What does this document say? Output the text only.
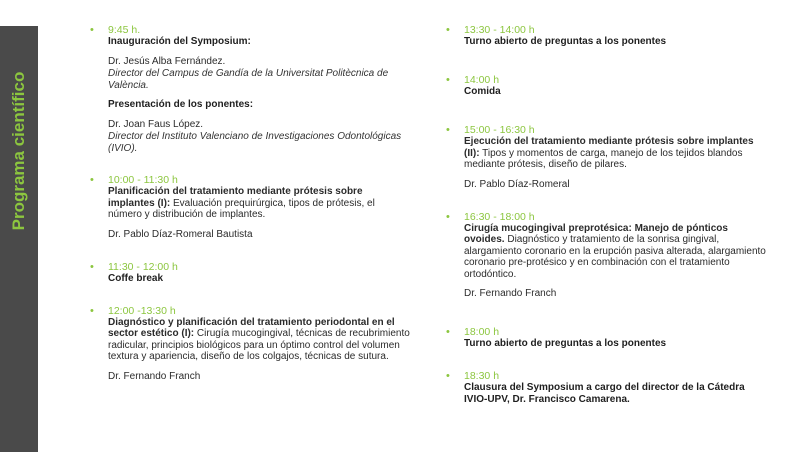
Programa científico
• 9:45 h.
Inauguración del Symposium:
Dr. Jesús Alba Fernández.
Director del Campus de Gandía de la Universitat Politècnica de València.
Presentación de los ponentes:
Dr. Joan Faus López.
Director del Instituto Valenciano de Investigaciones Odontológicas (IVIO).
• 10:00 - 11:30 h
Planificación del tratamiento mediante prótesis sobre implantes (I): Evaluación prequirúrgica, tipos de prótesis, el número y distribución de implantes.
Dr. Pablo Díaz-Romeral Bautista
• 11:30 - 12:00 h
Coffe break
• 12:00 -13:30 h
Diagnóstico y planificación del tratamiento periodontal en el sector estético (I): Cirugía mucogingival, técnicas de recubrimiento radicular, principios biológicos para un óptimo control del volumen textura y apariencia, diseño de los colgajos, técnicas de sutura.
Dr. Fernando Franch
• 13:30 - 14:00 h
Turno abierto de preguntas a los ponentes
• 14:00 h
Comida
• 15:00 - 16:30 h
Ejecución del tratamiento mediante prótesis sobre implantes (II): Tipos y momentos de carga, manejo de los tejidos blandos mediante prótesis, diseño de pilares.
Dr. Pablo Díaz-Romeral
• 16:30 - 18:00 h
Cirugía mucogingival preprotésica: Manejo de pónticos ovoides. Diagnóstico y tratamiento de la sonrisa gingival, alargamiento coronario en la erupción pasiva alterada, alargamiento coronario pre-protésico y en combinación con el tratamiento ortodóntico.
Dr. Fernando Franch
• 18:00 h
Turno abierto de preguntas a los ponentes
• 18:30 h
Clausura del Symposium a cargo del director de la Cátedra IVIO-UPV, Dr. Francisco Camarena.
